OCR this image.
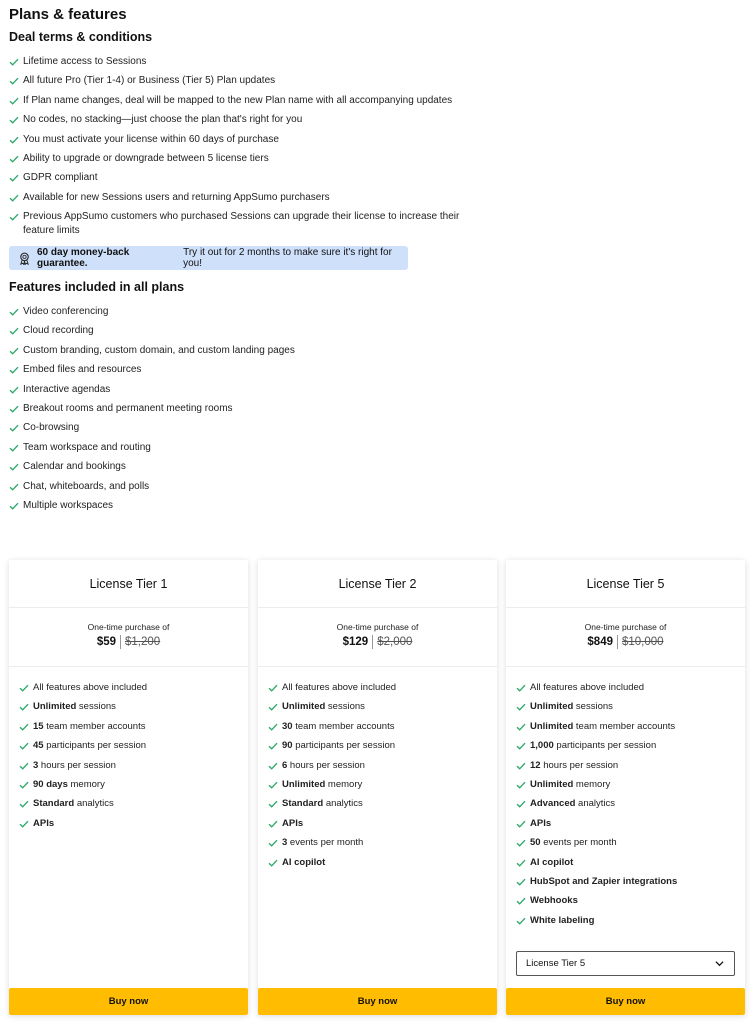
Plans & features
Deal terms & conditions
Lifetime access to Sessions
All future Pro (Tier 1-4) or Business (Tier 5) Plan updates
If Plan name changes, deal will be mapped to the new Plan name with all accompanying updates
No codes, no stacking—just choose the plan that's right for you
You must activate your license within 60 days of purchase
Ability to upgrade or downgrade between 5 license tiers
GDPR compliant
Available for new Sessions users and returning AppSumo purchasers
Previous AppSumo customers who purchased Sessions can upgrade their license to increase their feature limits
60 day money-back guarantee.
Try it out for 2 months to make sure it's right for you!
Features included in all plans
Video conferencing
Cloud recording
Custom branding, custom domain, and custom landing pages
Embed files and resources
Interactive agendas
Breakout rooms and permanent meeting rooms
Co-browsing
Team workspace and routing
Calendar and bookings
Chat, whiteboards, and polls
Multiple workspaces
License Tier 1
One-time purchase of
$59 $1,200
All features above included
Unlimited sessions
15 team member accounts
45 participants per session
3 hours per session
90 days memory
Standard analytics
APIs
Buy now
License Tier 2
One-time purchase of
$129 $2,000
All features above included
Unlimited sessions
30 team member accounts
90 participants per session
6 hours per session
Unlimited memory
Standard analytics
APIs
3 events per month
AI copilot
Buy now
License Tier 5
One-time purchase of
$849 $10,000
All features above included
Unlimited sessions
Unlimited team member accounts
1,000 participants per session
12 hours per session
Unlimited memory
Advanced analytics
APIs
50 events per month
AI copilot
HubSpot and Zapier integrations
Webhooks
White labeling
License Tier 5
Buy now
